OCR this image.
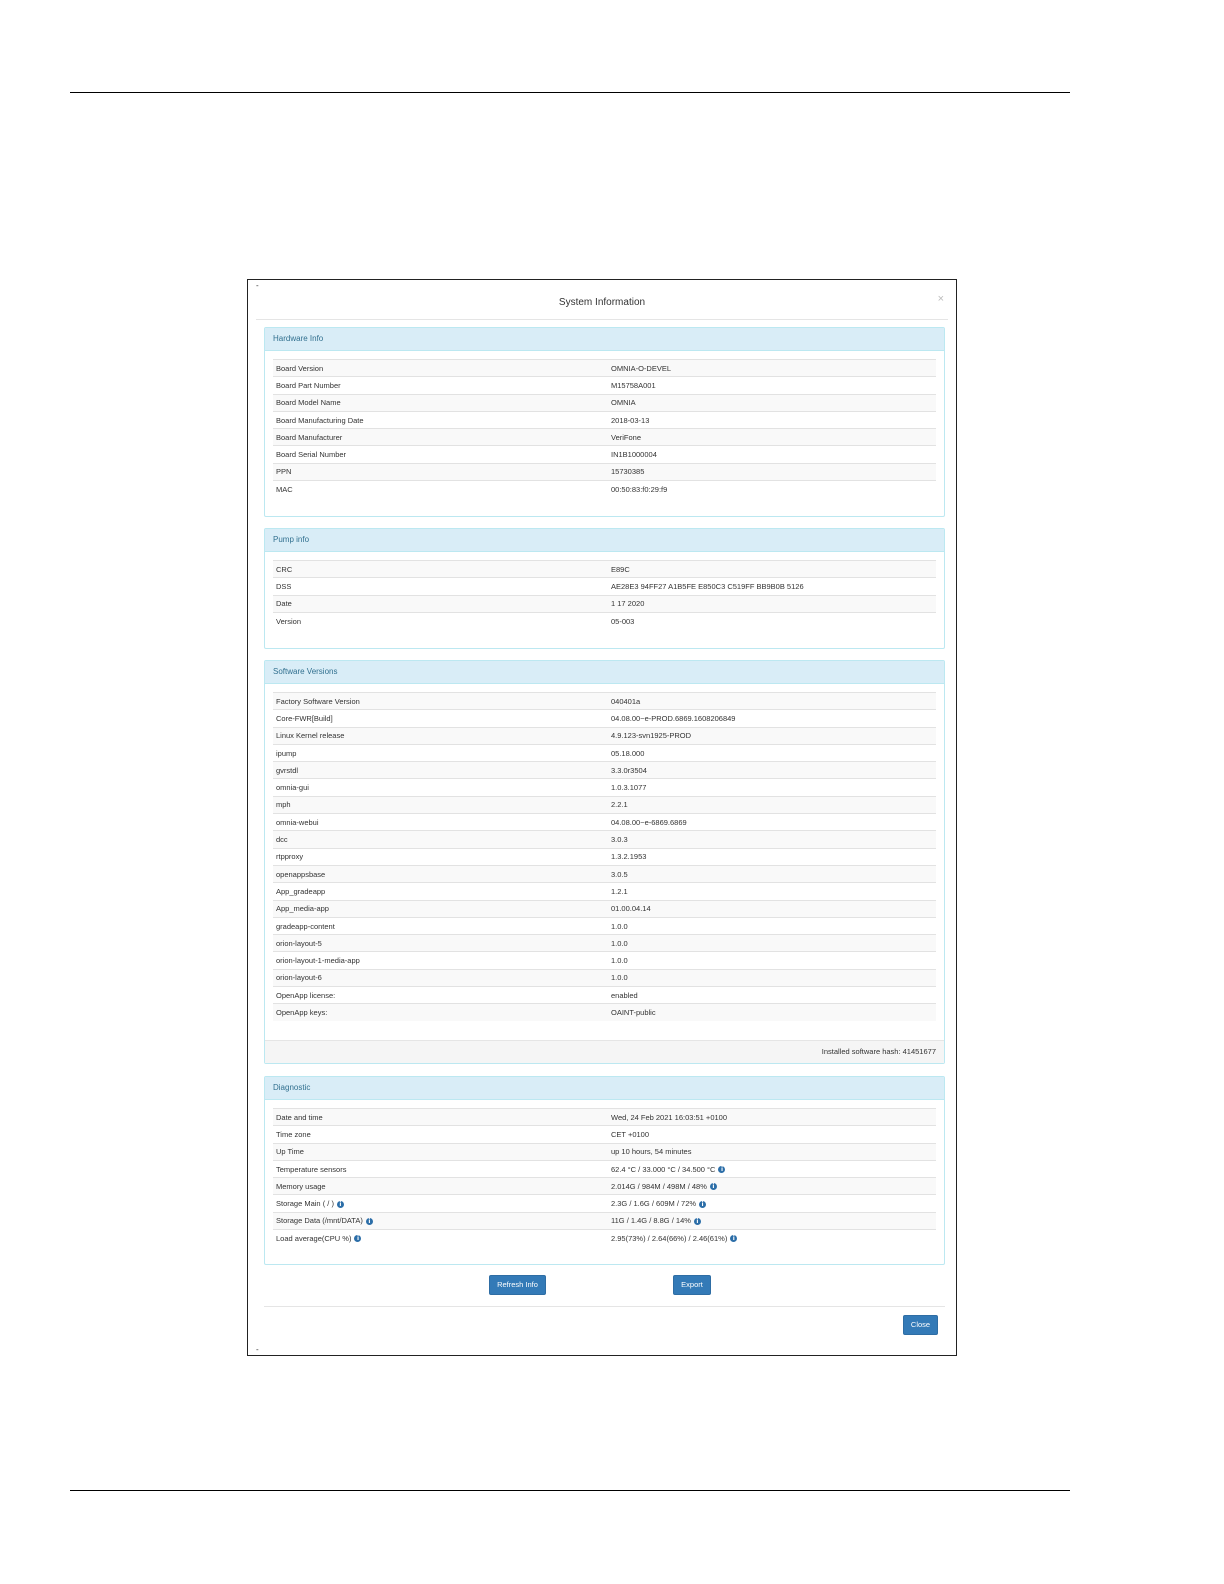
-
System Information	×
Hardware Info
Board Version	OMNIA-O-DEVEL
Board Part Number	M15758A001
Board Model Name	OMNIA
Board Manufacturing Date	2018-03-13
Board Manufacturer	VeriFone
Board Serial Number	IN1B1000004
PPN	15730385
MAC	00:50:83:f0:29:f9
Pump info
CRC	E89C
DSS	AE28E3 94FF27 A1B5FE E850C3 C519FF BB9B0B 5126
Date	1 17 2020
Version	05-003
Software Versions
Factory Software Version	040401a
Core-FWR[Build]	04.08.00~e-PROD.6869.1608206849
Linux Kernel release	4.9.123-svn1925-PROD
ipump	05.18.000
gvrstdl	3.3.0r3504
omnia-gui	1.0.3.1077
mph	2.2.1
omnia-webui	04.08.00~e-6869.6869
dcc	3.0.3
rtpproxy	1.3.2.1953
openappsbase	3.0.5
App_gradeapp	1.2.1
App_media-app	01.00.04.14
gradeapp-content	1.0.0
orion-layout-5	1.0.0
orion-layout-1-media-app	1.0.0
orion-layout-6	1.0.0
OpenApp license:	enabled
OpenApp keys:	OAINT-public
Installed software hash: 41451677
Diagnostic
Date and time	Wed, 24 Feb 2021 16:03:51 +0100
Time zone	CET +0100
Up Time	up 10 hours, 54 minutes
Temperature sensors	62.4 °C / 33.000 °C / 34.500 °C i
Memory usage	2.014G / 984M / 498M / 48% i
Storage Main ( / ) i	2.3G / 1.6G / 609M / 72% i
Storage Data (/mnt/DATA) i	11G / 1.4G / 8.8G / 14% i
Load average(CPU %) i	2.95(73%) / 2.64(66%) / 2.46(61%) i
Refresh Info	Export
Close
-
